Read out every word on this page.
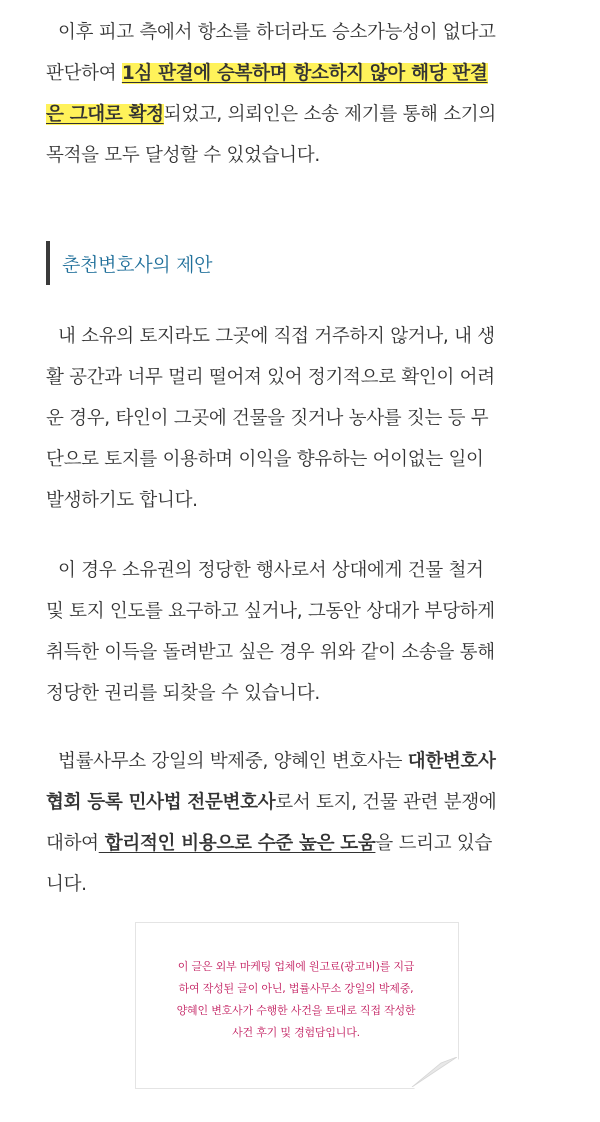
이후 피고 측에서 항소를 하더라도 승소가능성이 없다고
판단하여 1심 판결에 승복하며 항소하지 않아 해당 판결
은 그대로 확정되었고, 의뢰인은 소송 제기를 통해 소기의
목적을 모두 달성할 수 있었습니다.

춘천변호사의 제안

내 소유의 토지라도 그곳에 직접 거주하지 않거나, 내 생
활 공간과 너무 멀리 떨어져 있어 정기적으로 확인이 어려
운 경우, 타인이 그곳에 건물을 짓거나 농사를 짓는 등 무
단으로 토지를 이용하며 이익을 향유하는 어이없는 일이
발생하기도 합니다.

이 경우 소유권의 정당한 행사로서 상대에게 건물 철거
및 토지 인도를 요구하고 싶거나, 그동안 상대가 부당하게
취득한 이득을 돌려받고 싶은 경우 위와 같이 소송을 통해
정당한 권리를 되찾을 수 있습니다.

법률사무소 강일의 박제중, 양혜인 변호사는 대한변호사
협회 등록 민사법 전문변호사로서 토지, 건물 관련 분쟁에
대하여 합리적인 비용으로 수준 높은 도움을 드리고 있습
니다.

이 글은 외부 마케팅 업체에 원고료(광고비)를 지급
하여 작성된 글이 아닌, 법률사무소 강일의 박제중,
양혜인 변호사가 수행한 사건을 토대로 직접 작성한
사건 후기 및 경험담입니다.
